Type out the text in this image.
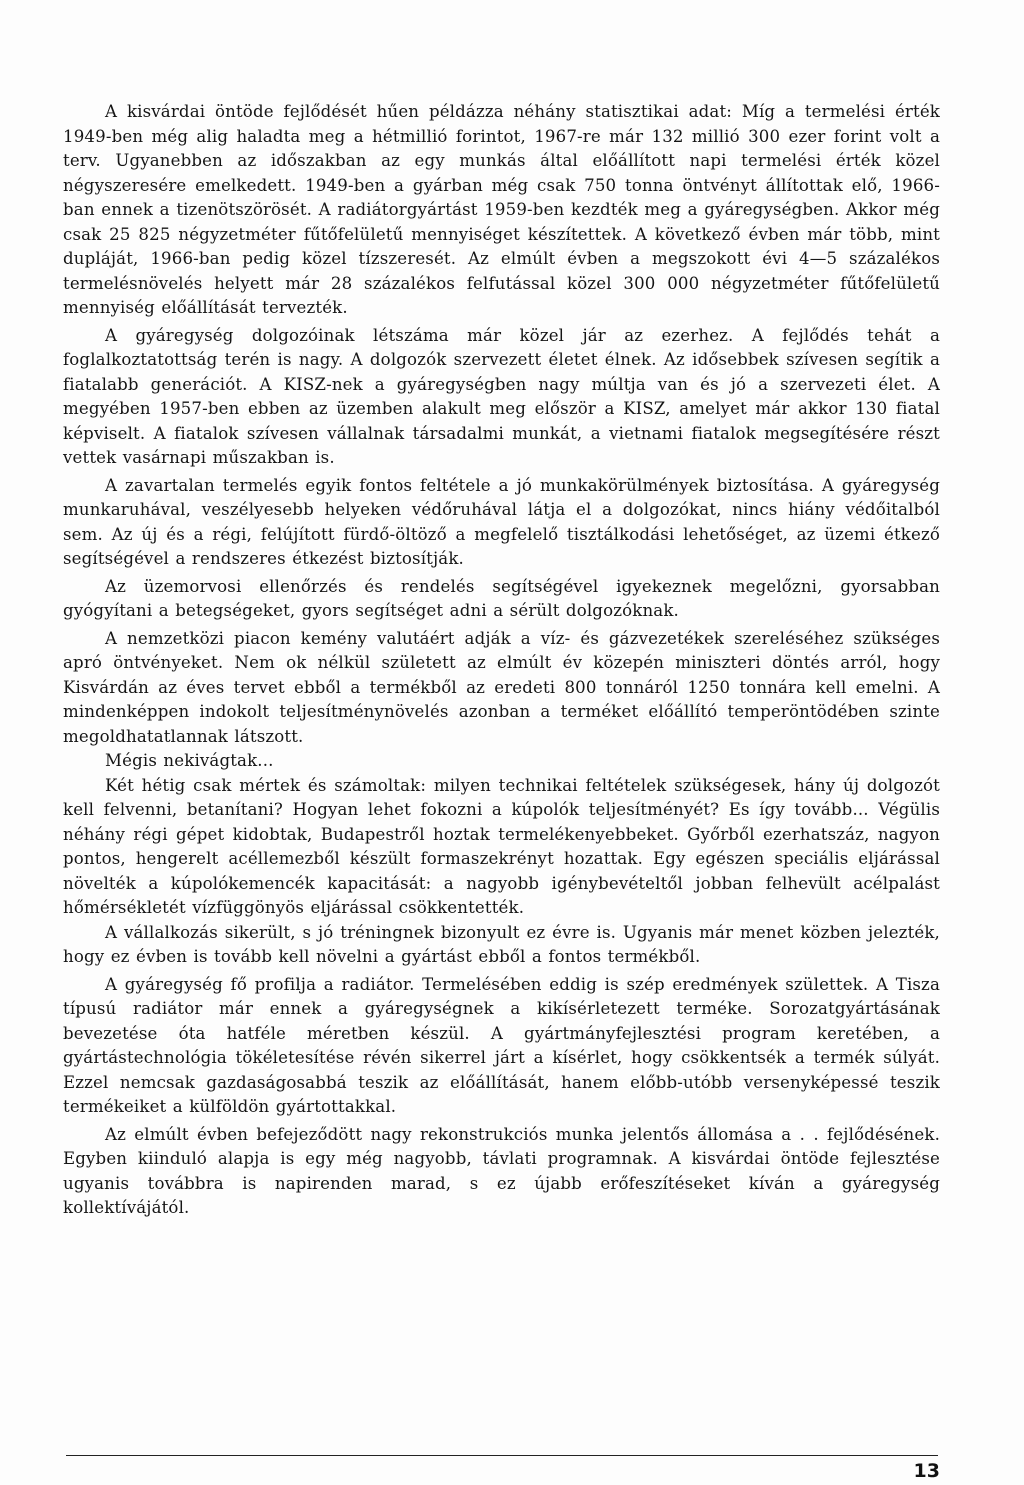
A kisvárdai öntöde fejlődését hűen példázza néhány statisztikai adat: Míg a termelési érték 1949-ben még alig haladta meg a hétmillió forintot, 1967-re már 132 millió 300 ezer forint volt a terv. Ugyanebben az időszakban az egy munkás által előállított napi termelési érték közel négyszeresére emelkedett. 1949-ben a gyárban még csak 750 tonna öntvényt állítottak elő, 1966-ban ennek a tizenötszörösét. A radiátorgyártást 1959-ben kezdték meg a gyáregységben. Akkor még csak 25 825 négyzetméter fűtőfelületű mennyiséget készítettek. A következő évben már több, mint dupláját, 1966-ban pedig közel tízszeresét. Az elmúlt évben a megszokott évi 4—5 százalékos termelésnövelés helyett már 28 százalékos felfutással közel 300 000 négyzetméter fűtőfelületű mennyiség előállítását tervezték.

A gyáregység dolgozóinak létszáma már közel jár az ezerhez. A fejlődés tehát a foglalkoztatottság terén is nagy. A dolgozók szervezett életet élnek. Az idősebbek szívesen segítik a fiatalabb generációt. A KISZ-nek a gyáregységben nagy múltja van és jó a szervezeti élet. A megyében 1957-ben ebben az üzemben alakult meg először a KISZ, amelyet már akkor 130 fiatal képviselt. A fiatalok szívesen vállalnak társadalmi munkát, a vietnami fiatalok megsegítésére részt vettek vasárnapi műszakban is.

A zavartalan termelés egyik fontos feltétele a jó munkakörülmények biztosítása. A gyáregység munkaruhával, veszélyesebb helyeken védőruhával látja el a dolgozókat, nincs hiány védőitalból sem. Az új és a régi, felújított fürdő-öltöző a megfelelő tisztálkodási lehetőséget, az üzemi étkező segítségével a rendszeres étkezést biztosítják.

Az üzemorvosi ellenőrzés és rendelés segítségével igyekeznek megelőzni, gyorsabban gyógyítani a betegségeket, gyors segítséget adni a sérült dolgozóknak.

A nemzetközi piacon kemény valutáért adják a víz- és gázvezetékek szereléséhez szükséges apró öntvényeket. Nem ok nélkül született az elmúlt év közepén miniszteri döntés arról, hogy Kisvárdán az éves tervet ebből a termékből az eredeti 800 tonnáról 1250 tonnára kell emelni. A mindenképpen indokolt teljesítménynövelés azonban a terméket előállító temperöntödében szinte megoldhatatlannak látszott.

Mégis nekivágtak...

Két hétig csak mértek és számoltak: milyen technikai feltételek szükségesek, hány új dolgozót kell felvenni, betanítani? Hogyan lehet fokozni a kúpolók teljesítményét? Es így tovább... Végülis néhány régi gépet kidobtak, Budapestről hoztak termelékenyebbeket. Győrből ezerhatszáz, nagyon pontos, hengerelt acéllemezből készült formaszekrényt hozattak. Egy egészen speciális eljárással növelték a kúpolókemencék kapacitását: a nagyobb igénybevételtől jobban felhevült acélpalást hőmérsékletét vízfüggönyös eljárással csökkentették.

A vállalkozás sikerült, s jó tréningnek bizonyult ez évre is. Ugyanis már menet közben jelezték, hogy ez évben is tovább kell növelni a gyártást ebből a fontos termékből.

A gyáregység fő profilja a radiátor. Termelésében eddig is szép eredmények születtek. A Tisza típusú radiátor már ennek a gyáregységnek a kikísérletezett terméke. Sorozatgyártásának bevezetése óta hatféle méretben készül. A gyártmányfejlesztési program keretében, a gyártástechnológia tökéletesítése révén sikerrel járt a kísérlet, hogy csökkentsék a termék súlyát. Ezzel nemcsak gazdaságosabbá teszik az előállítását, hanem előbb-utóbb versenyképessé teszik termékeiket a külföldön gyártottakkal.

Az elmúlt évben befejeződött nagy rekonstrukciós munka jelentős állomása a . . fejlődésének. Egyben kiinduló alapja is egy még nagyobb, távlati programnak. A kisvárdai öntöde fejlesztése ugyanis továbbra is napirenden marad, s ez újabb erőfeszítéseket kíván a gyáregység kollektívájától.

13
